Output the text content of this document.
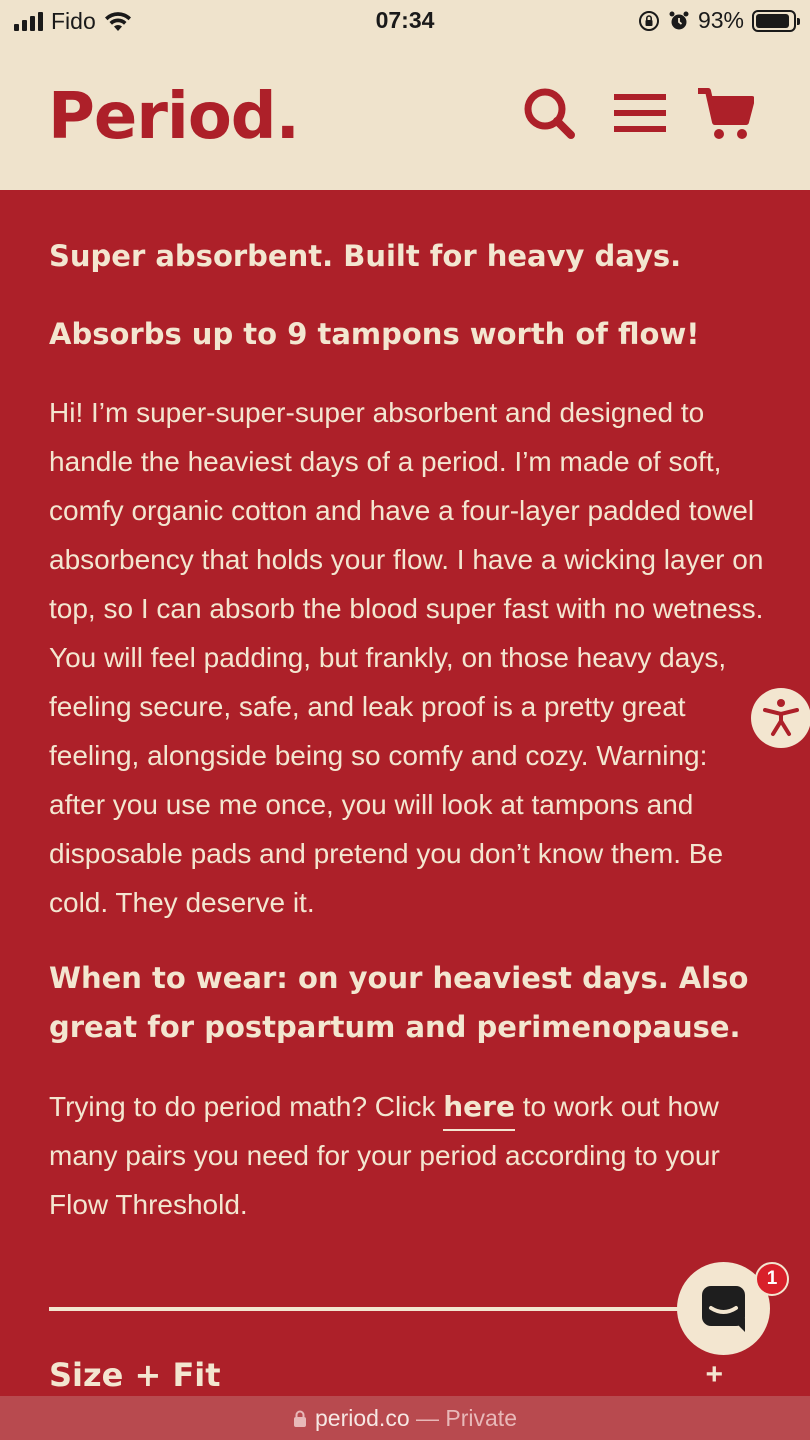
Fido	07:34	93%
Period.
Super absorbent. Built for heavy days.
Absorbs up to 9 tampons worth of flow!

Hi! I’m super-super-super absorbent and designed to handle the heaviest days of a period. I’m made of soft, comfy organic cotton and have a four-layer padded towel absorbency that holds your flow. I have a wicking layer on top, so I can absorb the blood super fast with no wetness. You will feel padding, but frankly, on those heavy days, feeling secure, safe, and leak proof is a pretty great feeling, alongside being so comfy and cozy. Warning: after you use me once, you will look at tampons and disposable pads and pretend you don’t know them. Be cold. They deserve it.

When to wear: on your heaviest days. Also great for postpartum and perimenopause.

Trying to do period math? Click here to work out how many pairs you need for your period according to your Flow Threshold.

Size + Fit	+
1
period.co — Private
